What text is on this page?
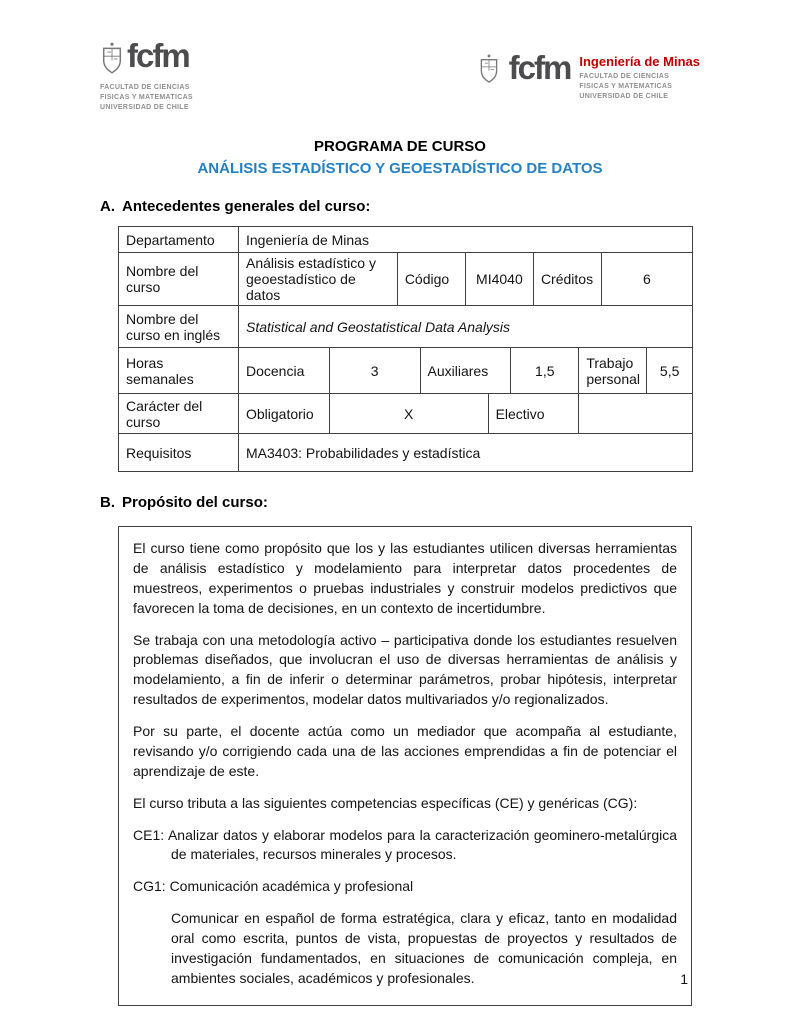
fcfm
FACULTAD DE CIENCIAS
FISICAS Y MATEMATICAS
UNIVERSIDAD DE CHILE
fcfm Ingeniería de Minas
FACULTAD DE CIENCIAS
FISICAS Y MATEMATICAS
UNIVERSIDAD DE CHILE
PROGRAMA DE CURSO
ANÁLISIS ESTADÍSTICO Y GEOESTADÍSTICO DE DATOS
A. Antecedentes generales del curso:
Departamento	Ingeniería de Minas										
Nombre del curso	Análisis estadístico y geoestadístico de datos		Código		MI4040			Créditos		6	
Nombre del curso en inglés	Statistical and Geostatistical Data Analysis										
Horas semanales	Docencia	3		Auxiliares			1,5		Trabajo personal		5,5
Carácter del curso	Obligatorio	X				Electivo					
Requisitos	MA3403: Probabilidades y estadística										
B. Propósito del curso:

El curso tiene como propósito que los y las estudiantes utilicen diversas herramientas de análisis estadístico y modelamiento para interpretar datos procedentes de muestreos, experimentos o pruebas industriales y construir modelos predictivos que favorecen la toma de decisiones, en un contexto de incertidumbre.

Se trabaja con una metodología activo – participativa donde los estudiantes resuelven problemas diseñados, que involucran el uso de diversas herramientas de análisis y modelamiento, a fin de inferir o determinar parámetros, probar hipótesis, interpretar resultados de experimentos, modelar datos multivariados y/o regionalizados.

Por su parte, el docente actúa como un mediador que acompaña al estudiante, revisando y/o corrigiendo cada una de las acciones emprendidas a fin de potenciar el aprendizaje de este.

El curso tributa a las siguientes competencias específicas (CE) y genéricas (CG):

CE1: Analizar datos y elaborar modelos para la caracterización geominero-metalúrgica de materiales, recursos minerales y procesos.

CG1: Comunicación académica y profesional

Comunicar en español de forma estratégica, clara y eficaz, tanto en modalidad oral como escrita, puntos de vista, propuestas de proyectos y resultados de investigación fundamentados, en situaciones de comunicación compleja, en ambientes sociales, académicos y profesionales.	1
